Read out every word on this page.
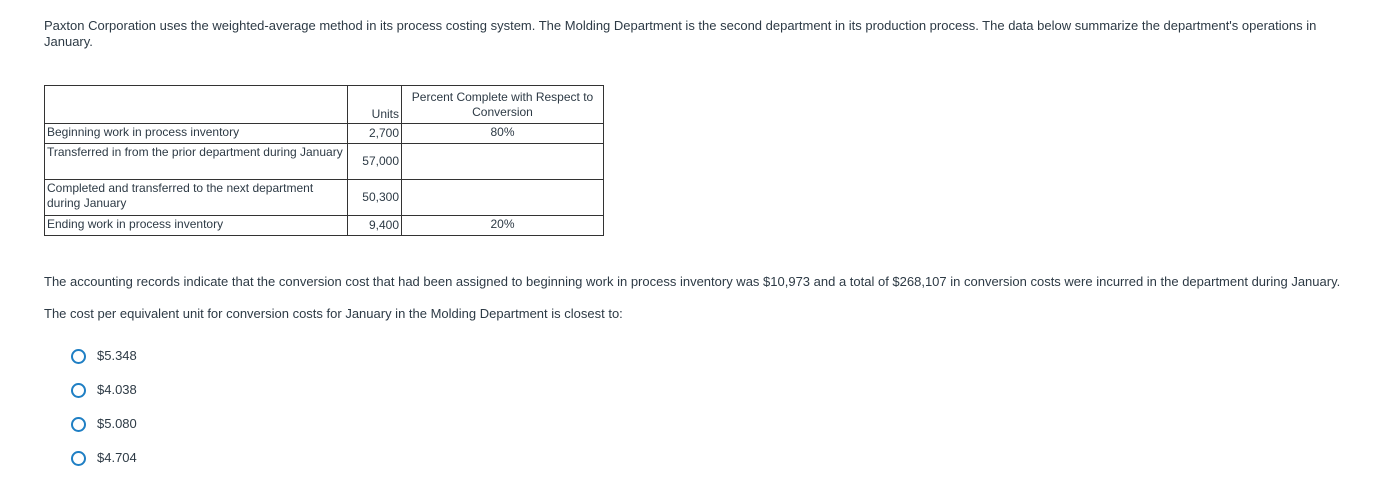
Paxton Corporation uses the weighted-average method in its process costing system. The Molding Department is the second department in its production process. The data below summarize the department's operations in January.

	Units	Percent Complete with Respect to Conversion
Beginning work in process inventory	2,700	80%
Transferred in from the prior department during January	57,000	
Completed and transferred to the next department during January	50,300	
Ending work in process inventory	9,400	20%

The accounting records indicate that the conversion cost that had been assigned to beginning work in process inventory was $10,973 and a total of $268,107 in conversion costs were incurred in the department during January.

The cost per equivalent unit for conversion costs for January in the Molding Department is closest to:

$5.348
$4.038
$5.080
$4.704
